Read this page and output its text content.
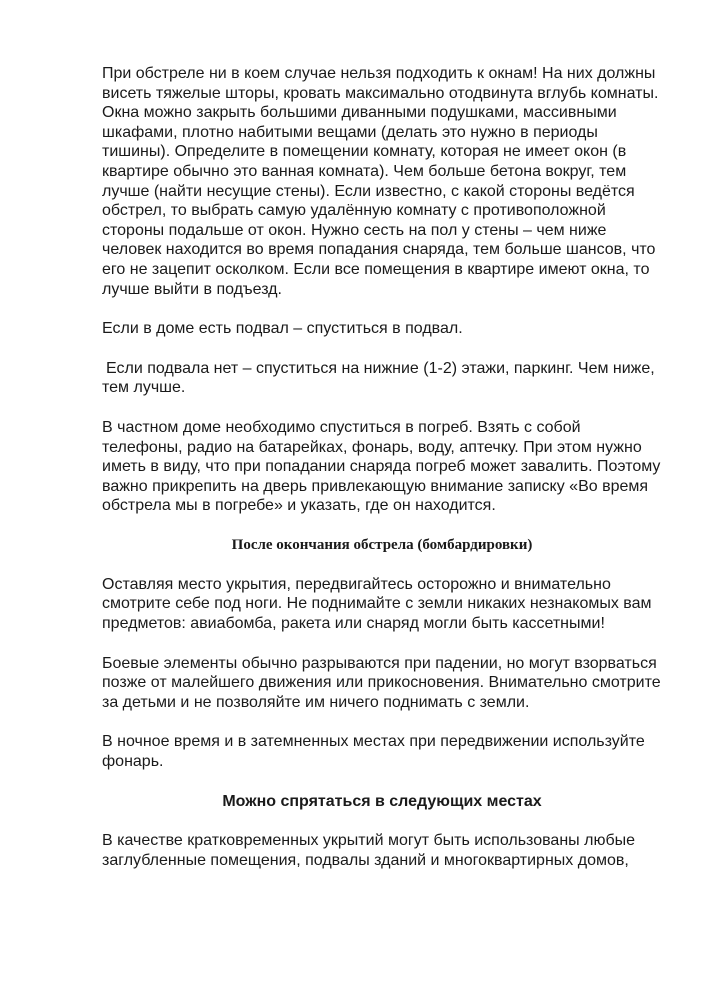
При обстреле ни в коем случае нельзя подходить к окнам! На них должны висеть тяжелые шторы, кровать максимально отодвинута вглубь комнаты. Окна можно закрыть большими диванными подушками, массивными шкафами, плотно набитыми вещами (делать это нужно в периоды тишины). Определите в помещении комнату, которая не имеет окон (в квартире обычно это ванная комната). Чем больше бетона вокруг, тем лучше (найти несущие стены). Если известно, с какой стороны ведётся обстрел, то выбрать самую удалённую комнату с противоположной стороны подальше от окон. Нужно сесть на пол у стены – чем ниже человек находится во время попадания снаряда, тем больше шансов, что его не зацепит осколком. Если все помещения в квартире имеют окна, то лучше выйти в подъезд.

Если в доме есть подвал – спуститься в подвал.

Если подвала нет – спуститься на нижние (1-2) этажи, паркинг. Чем ниже, тем лучше.

В частном доме необходимо спуститься в погреб. Взять с собой телефоны, радио на батарейках, фонарь, воду, аптечку. При этом нужно иметь в виду, что при попадании снаряда погреб может завалить. Поэтому важно прикрепить на дверь привлекающую внимание записку «Во время обстрела мы в погребе» и указать, где он находится.

После окончания обстрела (бомбардировки)

Оставляя место укрытия, передвигайтесь осторожно и внимательно смотрите себе под ноги. Не поднимайте с земли никаких незнакомых вам предметов: авиабомба, ракета или снаряд могли быть кассетными!

Боевые элементы обычно разрываются при падении, но могут взорваться позже от малейшего движения или прикосновения. Внимательно смотрите за детьми и не позволяйте им ничего поднимать с земли.

В ночное время и в затемненных местах при передвижении используйте фонарь.

Можно спрятаться в следующих местах

В качестве кратковременных укрытий могут быть использованы любые заглубленные помещения, подвалы зданий и многоквартирных домов,
